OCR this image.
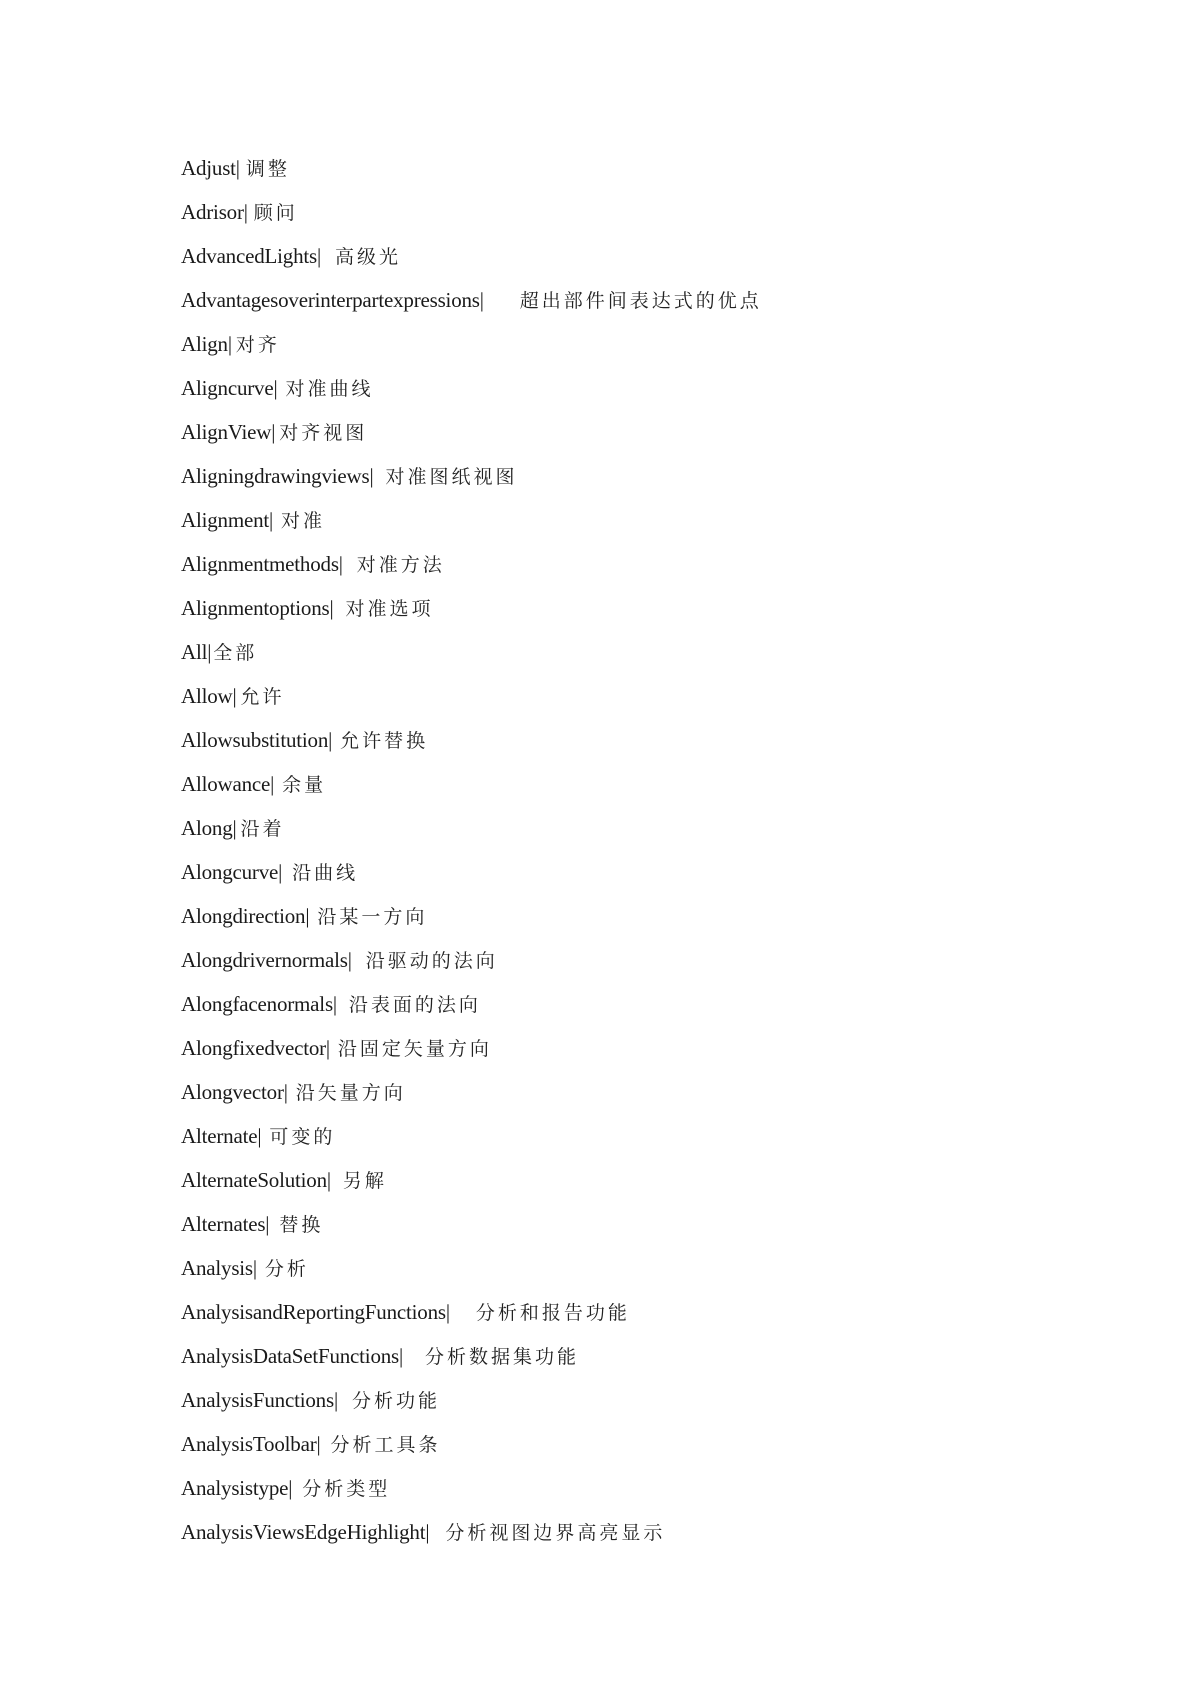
Adjust| 调整
Adrisor| 顾问
AdvancedLights| 高级光
Advantagesoverinterpartexpressions| 超出部件间表达式的优点
Align| 对齐
Aligncurve| 对准曲线
AlignView| 对齐视图
Aligningdrawingviews| 对准图纸视图
Alignment| 对准
Alignmentmethods| 对准方法
Alignmentoptions| 对准选项
All| 全部
Allow| 允许
Allowsubstitution| 允许替换
Allowance| 余量
Along| 沿着
Alongcurve| 沿曲线
Alongdirection| 沿某一方向
Alongdrivernormals| 沿驱动的法向
Alongfacenormals| 沿表面的法向
Alongfixedvector| 沿固定矢量方向
Alongvector| 沿矢量方向
Alternate| 可变的
AlternateSolution| 另解
Alternates| 替换
Analysis| 分析
AnalysisandReportingFunctions| 分析和报告功能
AnalysisDataSetFunctions| 分析数据集功能
AnalysisFunctions| 分析功能
AnalysisToolbar| 分析工具条
Analysistype| 分析类型
AnalysisViewsEdgeHighlight| 分析视图边界高亮显示
